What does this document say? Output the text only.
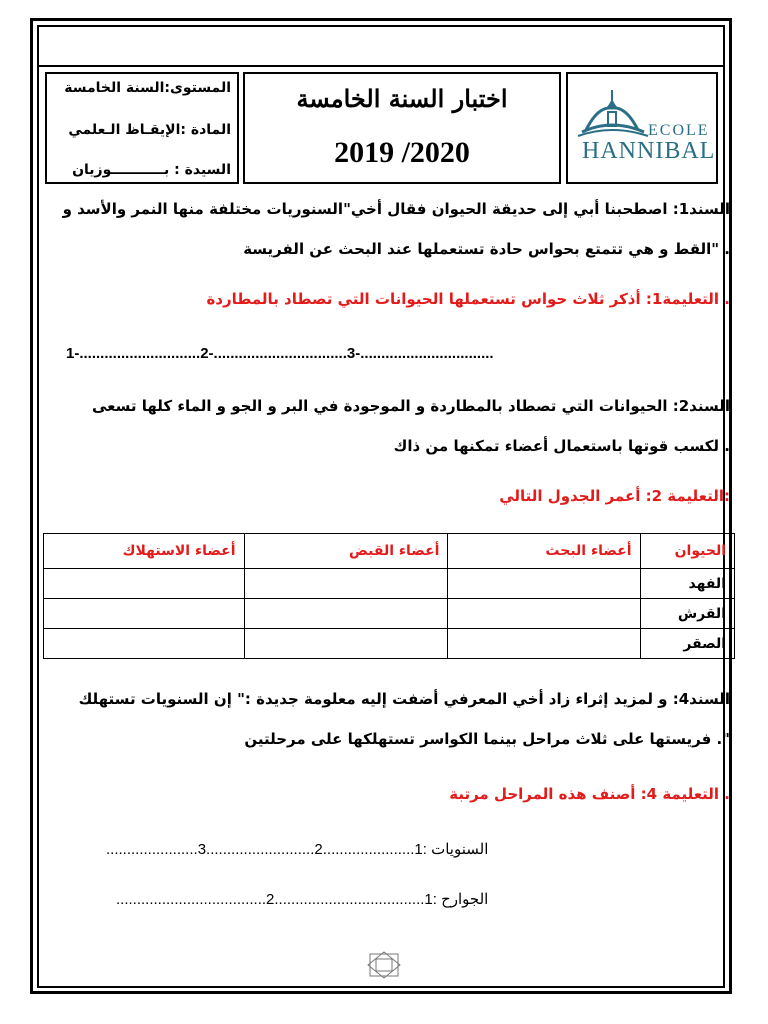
ECOLE
HANNIBAL
اختبار السنة الخامسة
2019 /2020
المستوى:السنة الخامسة
المادة :الإيقـاظ الـعلمي
السيدة : بـــــــــــوزيان
السند1: اصطحبنا أبي إلى حديقة الحيوان فقال أخي"السنوريات مختلفة منها النمر والأسد و
. "القط و هي تتمتع بحواس حادة تستعملها عند البحث عن الفريسة
. التعليمة1: أذكر ثلاث حواس تستعملها الحيوانات التي تصطاد بالمطاردة
1-.............................2-................................3-................................
السند2: الحيوانات التي تصطاد بالمطاردة و الموجودة في البر و الجو و الماء كلها تسعى
. لكسب قوتها باستعمال أعضاء تمكنها من ذاك
:التعليمة 2: أعمر الجدول التالي
الحيوان	أعضاء البحث	أعضاء القبض	أعضاء الاستهلاك
الفهد			
القرش			
الصقر			
السند4: و لمزيد إثراء زاد أخي المعرفي أضفت إليه معلومة جديدة :" إن السنويات تستهلك
". فريستها على ثلاث مراحل بينما الكواسر تستهلكها على مرحلتين
. التعليمة 4: أصنف هذه المراحل مرتبة
السنويات :1......................2..........................3......................
الجوارح :1....................................2....................................
